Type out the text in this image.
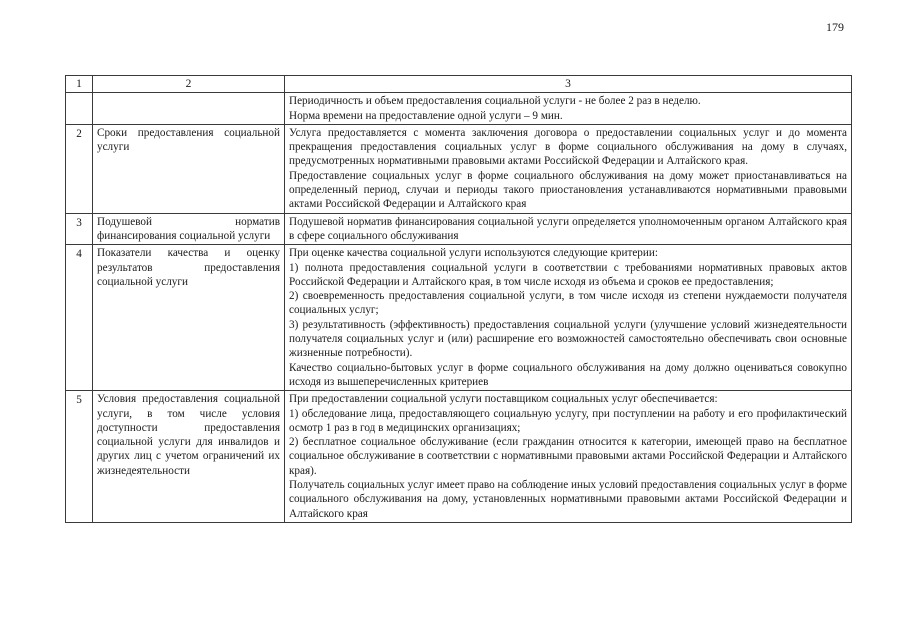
179
1	2	3

		Периодичность и объем предоставления социальной услуги - не более 2 раз в неделю.
Норма времени на предоставление одной услуги – 9 мин.

2	Сроки предоставления социальной услуги	Услуга предоставляется с момента заключения договора о предоставлении социальных услуг и до момента прекращения предоставления социальных услуг в форме социального обслуживания на дому в случаях, предусмотренных нормативными правовыми актами Российской Федерации и Алтайского края.
Предоставление социальных услуг в форме социального обслуживания на дому может приостанавливаться на определенный период, случаи и периоды такого приостановления устанавливаются нормативными правовыми актами Российской Федерации и Алтайского края

3	Подушевой норматив финансирования социальной услуги	Подушевой норматив финансирования социальной услуги определяется уполномоченным органом Алтайского края в сфере социального обслуживания

4	Показатели качества и оценку результатов предоставления социальной услуги	При оценке качества социальной услуги используются следующие критерии:
1) полнота предоставления социальной услуги в соответствии с требованиями нормативных правовых актов Российской Федерации и Алтайского края, в том числе исходя из объема и сроков ее предоставления;
2) своевременность предоставления социальной услуги, в том числе исходя из степени нуждаемости получателя социальных услуг;
3) результативность (эффективность) предоставления социальной услуги (улучшение условий жизнедеятельности получателя социальных услуг и (или) расширение его возможностей самостоятельно обеспечивать свои основные жизненные потребности).
Качество социально-бытовых услуг в форме социального обслуживания на дому должно оцениваться совокупно исходя из вышеперечисленных критериев

5	Условия предоставления социальной услуги, в том числе условия доступности предоставления социальной услуги для инвалидов и других лиц с учетом ограничений их жизнедеятельности	При предоставлении социальной услуги поставщиком социальных услуг обеспечивается:
1) обследование лица, предоставляющего социальную услугу, при поступлении на работу и его профилактический осмотр 1 раз в год в медицинских организациях;
2) бесплатное социальное обслуживание (если гражданин относится к категории, имеющей право на бесплатное социальное обслуживание в соответствии с нормативными правовыми актами Российской Федерации и Алтайского края).
Получатель социальных услуг имеет право на соблюдение иных условий предоставления социальных услуг в форме социального обслуживания на дому, установленных нормативными правовыми актами Российской Федерации и Алтайского края
